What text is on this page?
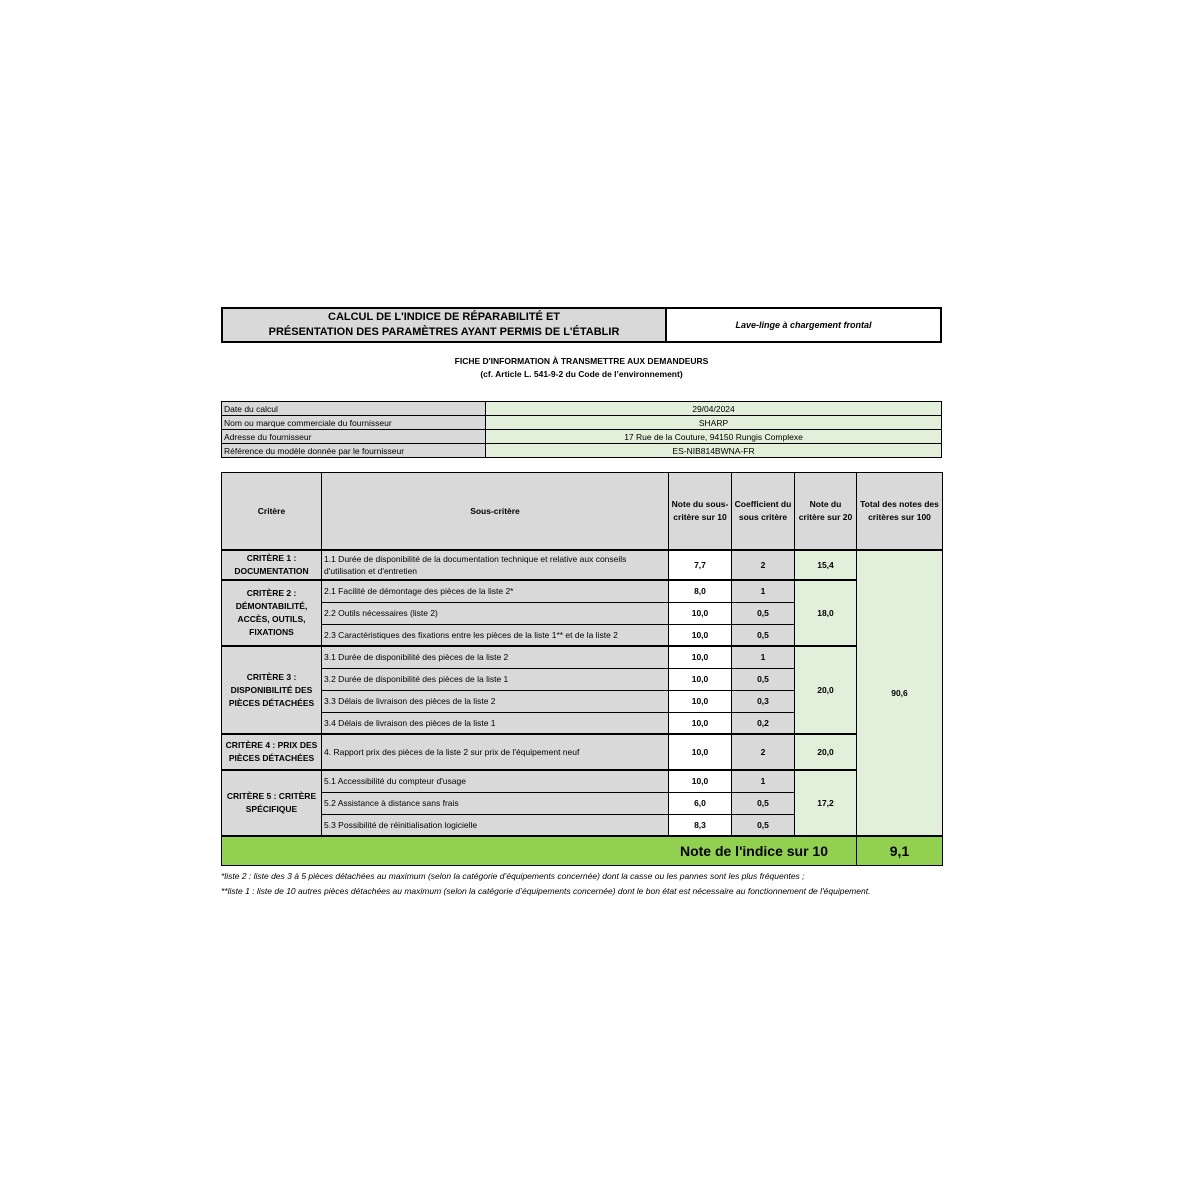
CALCUL DE L'INDICE DE RÉPARABILITÉ ET
PRÉSENTATION DES PARAMÈTRES AYANT PERMIS DE L'ÉTABLIR
Lave-linge à chargement frontal
FICHE D'INFORMATION À TRANSMETTRE AUX DEMANDEURS
(cf. Article L. 541-9-2 du Code de l’environnement)
Date du calcul	29/04/2024
Nom ou marque commerciale du fournisseur	SHARP
Adresse du fournisseur	17 Rue de la Couture, 94150 Rungis Complexe
Référence du modèle donnée par le fournisseur	ES-NIB814BWNA-FR
Critère	Sous-critère	Note du sous-critère sur 10	Coefficient du sous critère	Note du critère sur 20	Total des notes des critères sur 100
CRITÈRE 1 : DOCUMENTATION	1.1 Durée de disponibilité de la documentation technique et relative aux conseils d'utilisation et d'entretien	7,7	2	15,4	90,6
CRITÈRE 2 : DÉMONTABILITÉ, ACCÈS, OUTILS, FIXATIONS	2.1 Facilité de démontage des pièces de la liste 2*	8,0	1	18,0	
	2.2 Outils nécessaires (liste 2)	10,0	0,5		
	2.3 Caractéristiques des fixations entre les pièces de la liste 1** et de la liste 2	10,0	0,5		
CRITÈRE 3 : DISPONIBILITÉ DES PIÈCES DÉTACHÉES	3.1 Durée de disponibilité des pièces de la liste 2	10,0	1	20,0	
	3.2 Durée de disponibilité des pièces de la liste 1	10,0	0,5		
	3.3 Délais de livraison des pièces de la liste 2	10,0	0,3		
	3.4 Délais de livraison des pièces de la liste 1	10,0	0,2		
CRITÈRE 4 : PRIX DES PIÈCES DÉTACHÉES	4. Rapport prix des pièces de la liste 2 sur prix de l'équipement neuf	10,0	2	20,0	
CRITÈRE 5 : CRITÈRE SPÉCIFIQUE	5.1 Accessibilité du compteur d'usage	10,0	1	17,2	
	5.2 Assistance à distance sans frais	6,0	0,5		
	5.3 Possibilité de réinitialisation logicielle	8,3	0,5		
Note de l'indice sur 10					9,1
*liste 2 : liste des 3 à 5 pièces détachées au maximum (selon la catégorie d’équipements concernée) dont la casse ou les pannes sont les plus fréquentes ;
**liste 1 : liste de 10 autres pièces détachées au maximum (selon la catégorie d’équipements concernée) dont le bon état est nécessaire au fonctionnement de l'équipement.
